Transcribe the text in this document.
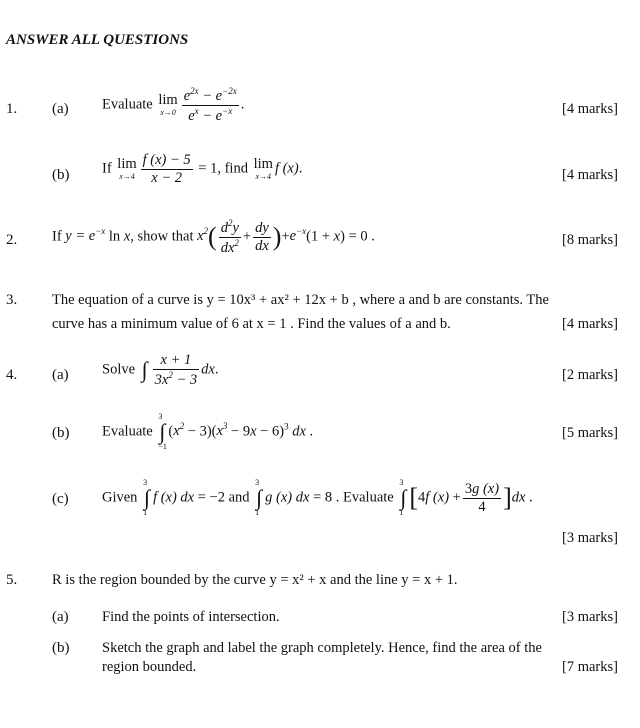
ANSWER ALL QUESTIONS
1. (a) Evaluate lim
$x\to 0 \frac{e^{2x} - e^{-2x}}{e^x - e^{-x}}$ .	[4 marks]
(b) If lim
$x\to 4 \frac{f (x) - 5}{x - 2} = 1$, find lim
x→4
f (x).	[4 marks]
2. If $y = e^{-x}$ ln x, show that $x^2( \frac{d^2y}{dx^2} + \frac{dy}{dx} )+e^{-x}(1 + x) = 0$ .	[8 marks]
3. The equation of a curve is y = 10x³ + ax² + 12x + b , where a and b are constants. The
curve has a minimum value of 6 at x = 1 . Find the values of a and b.	[4 marks]
4. (a) Solve ∫ $\frac{x + 1}{3x^2 - 3}$ dx.	[2 marks]
(b) Evaluate ∫
3
−1
$(x^2 - 3)(x^3 - 9x - 6)^3$ dx .	[5 marks]
(c) Given ∫
3
1
f (x) dx = −2 and ∫
3
1
g (x) dx = 8 . Evaluate ∫
3
1
[4f $(x) + \frac{3g (x)}{4} ]dx$ .
[3 marks]
5. R is the region bounded by the curve y = x² + x and the line y = x + 1.
(a) Find the points of intersection.	[3 marks]
(b) Sketch the graph and label the graph completely. Hence, find the area of the
region bounded.	[7 marks]
